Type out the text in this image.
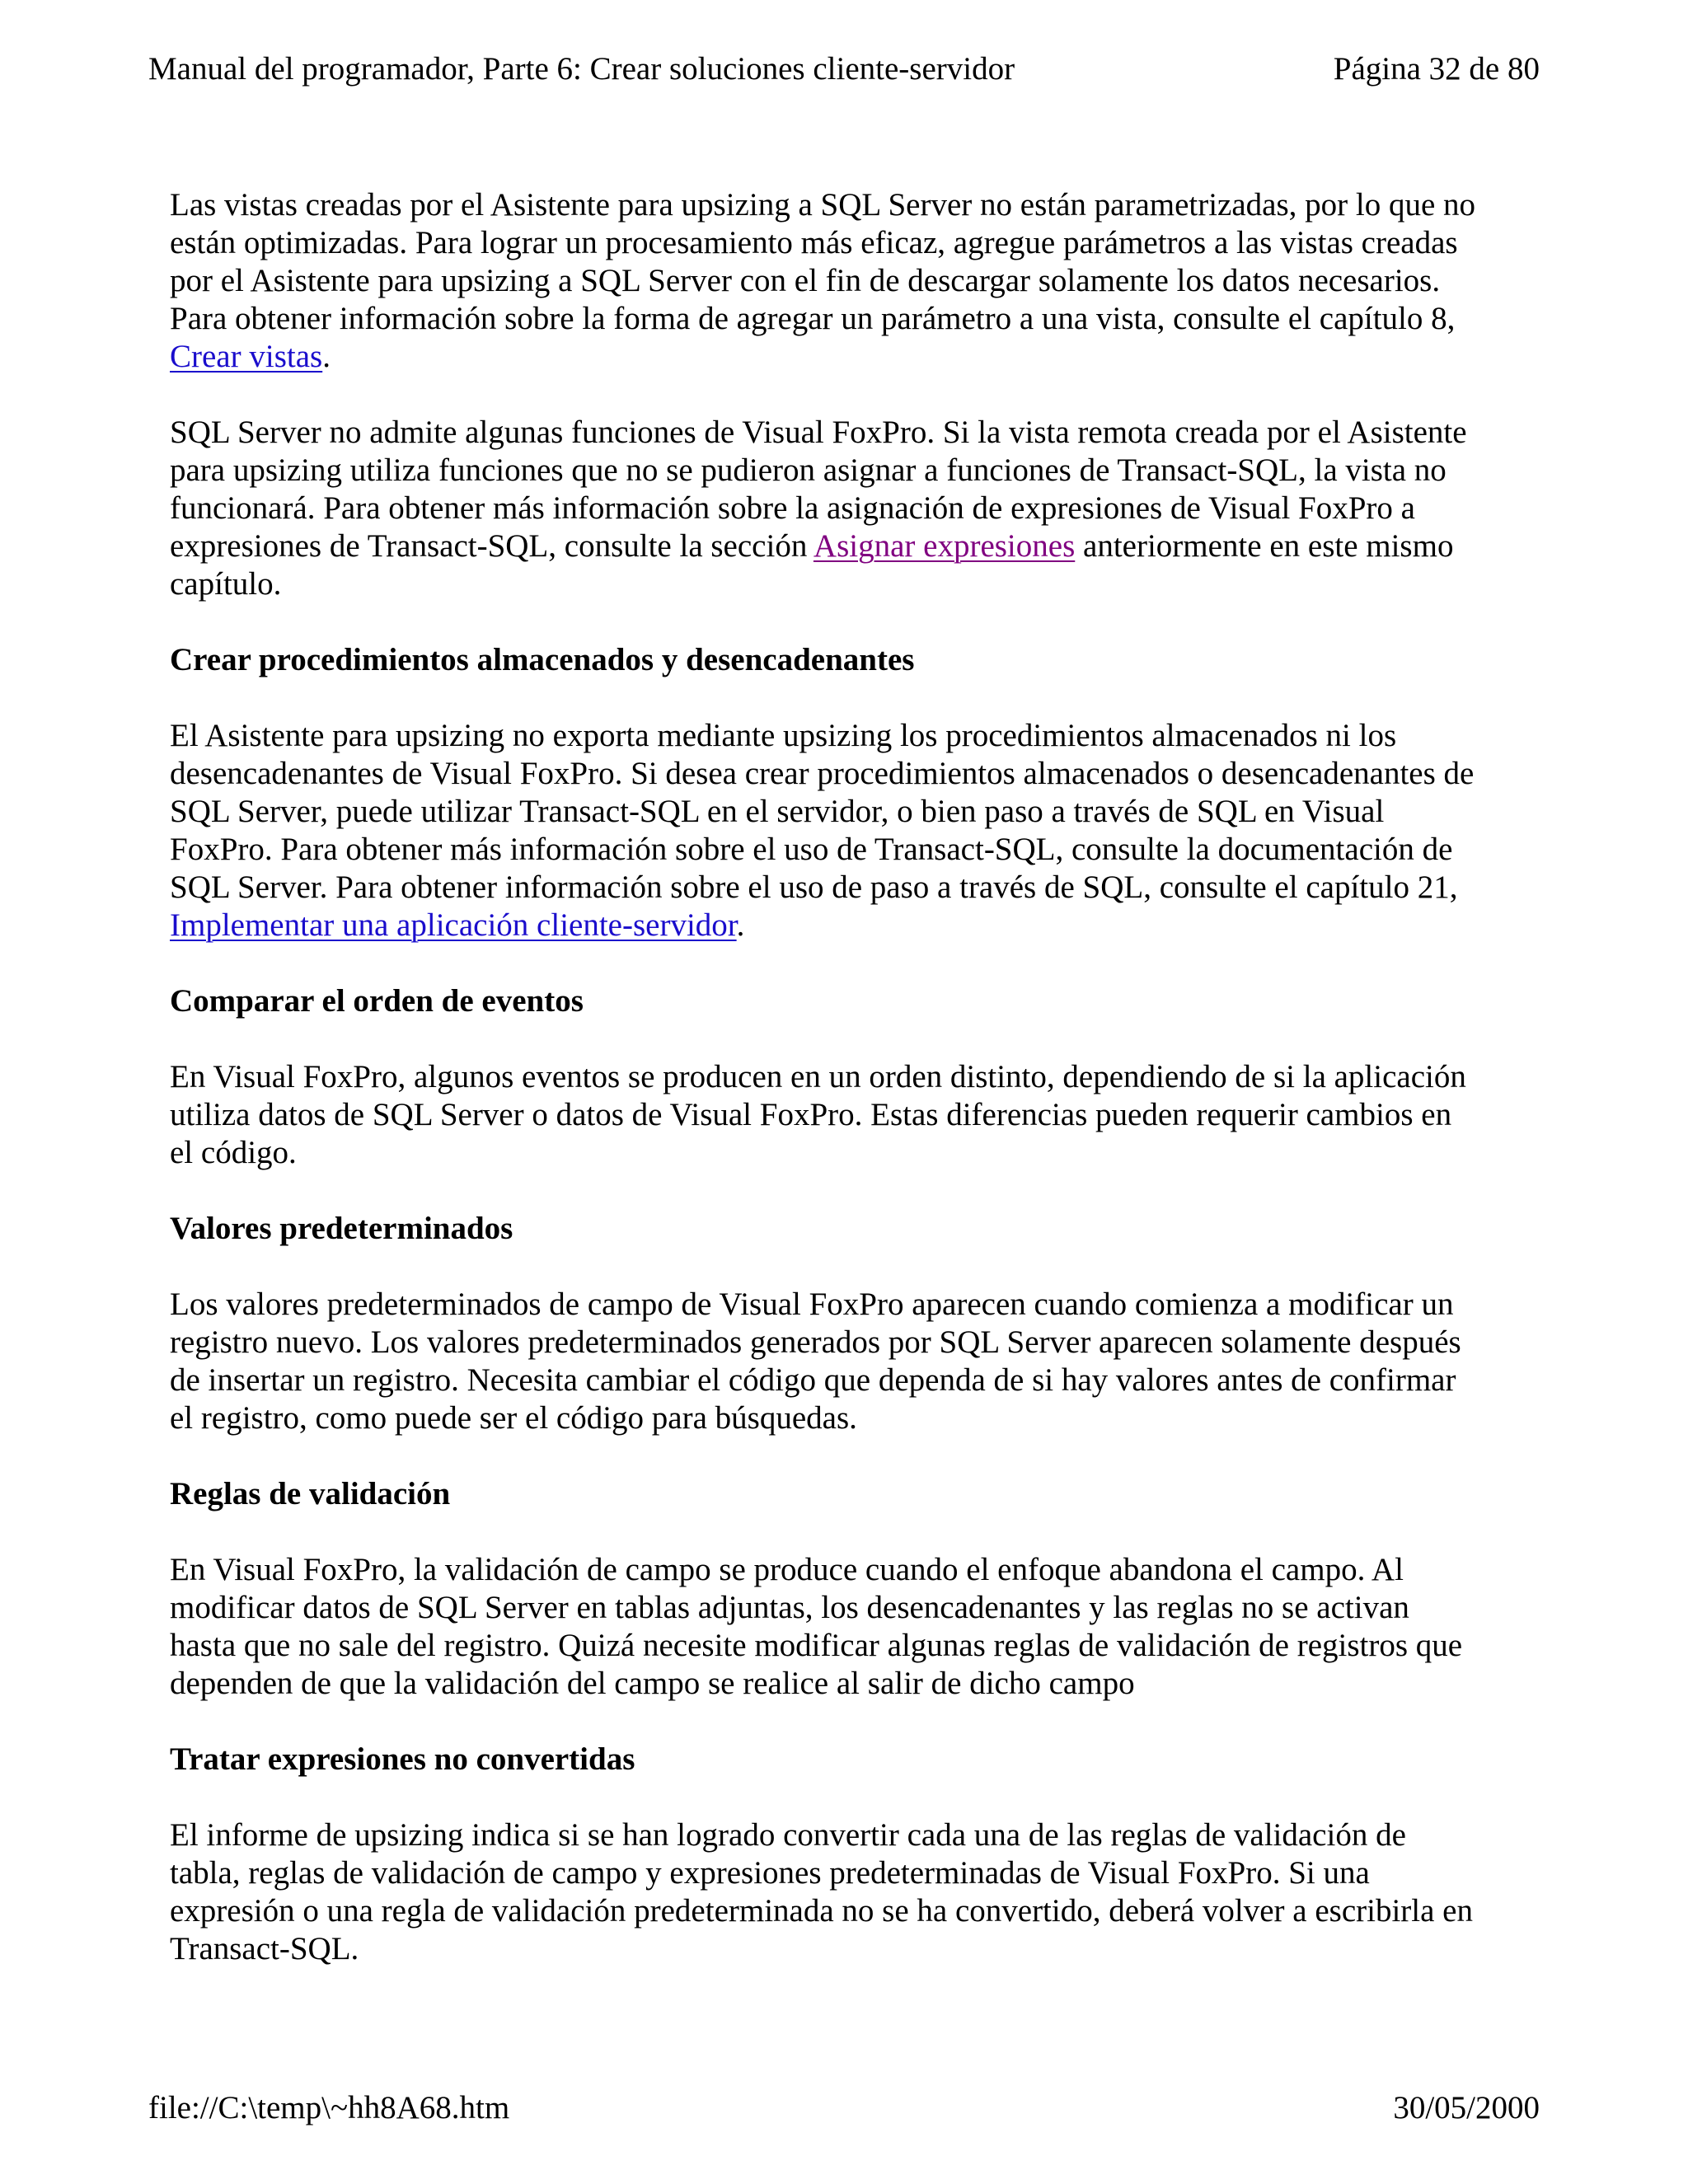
Manual del programador, Parte 6: Crear soluciones cliente-servidor	Página 32 de 80

Las vistas creadas por el Asistente para upsizing a SQL Server no están parametrizadas, por lo que no
están optimizadas. Para lograr un procesamiento más eficaz, agregue parámetros a las vistas creadas
por el Asistente para upsizing a SQL Server con el fin de descargar solamente los datos necesarios.
Para obtener información sobre la forma de agregar un parámetro a una vista, consulte el capítulo 8,
Crear vistas.

SQL Server no admite algunas funciones de Visual FoxPro. Si la vista remota creada por el Asistente
para upsizing utiliza funciones que no se pudieron asignar a funciones de Transact-SQL, la vista no
funcionará. Para obtener más información sobre la asignación de expresiones de Visual FoxPro a
expresiones de Transact-SQL, consulte la sección Asignar expresiones anteriormente en este mismo
capítulo.

Crear procedimientos almacenados y desencadenantes

El Asistente para upsizing no exporta mediante upsizing los procedimientos almacenados ni los
desencadenantes de Visual FoxPro. Si desea crear procedimientos almacenados o desencadenantes de
SQL Server, puede utilizar Transact-SQL en el servidor, o bien paso a través de SQL en Visual
FoxPro. Para obtener más información sobre el uso de Transact-SQL, consulte la documentación de
SQL Server. Para obtener información sobre el uso de paso a través de SQL, consulte el capítulo 21,
Implementar una aplicación cliente-servidor.

Comparar el orden de eventos

En Visual FoxPro, algunos eventos se producen en un orden distinto, dependiendo de si la aplicación
utiliza datos de SQL Server o datos de Visual FoxPro. Estas diferencias pueden requerir cambios en
el código.

Valores predeterminados

Los valores predeterminados de campo de Visual FoxPro aparecen cuando comienza a modificar un
registro nuevo. Los valores predeterminados generados por SQL Server aparecen solamente después
de insertar un registro. Necesita cambiar el código que dependa de si hay valores antes de confirmar
el registro, como puede ser el código para búsquedas.

Reglas de validación

En Visual FoxPro, la validación de campo se produce cuando el enfoque abandona el campo. Al
modificar datos de SQL Server en tablas adjuntas, los desencadenantes y las reglas no se activan
hasta que no sale del registro. Quizá necesite modificar algunas reglas de validación de registros que
dependen de que la validación del campo se realice al salir de dicho campo

Tratar expresiones no convertidas

El informe de upsizing indica si se han logrado convertir cada una de las reglas de validación de
tabla, reglas de validación de campo y expresiones predeterminadas de Visual FoxPro. Si una
expresión o una regla de validación predeterminada no se ha convertido, deberá volver a escribirla en
Transact-SQL.

file://C:\temp\~hh8A68.htm	30/05/2000
